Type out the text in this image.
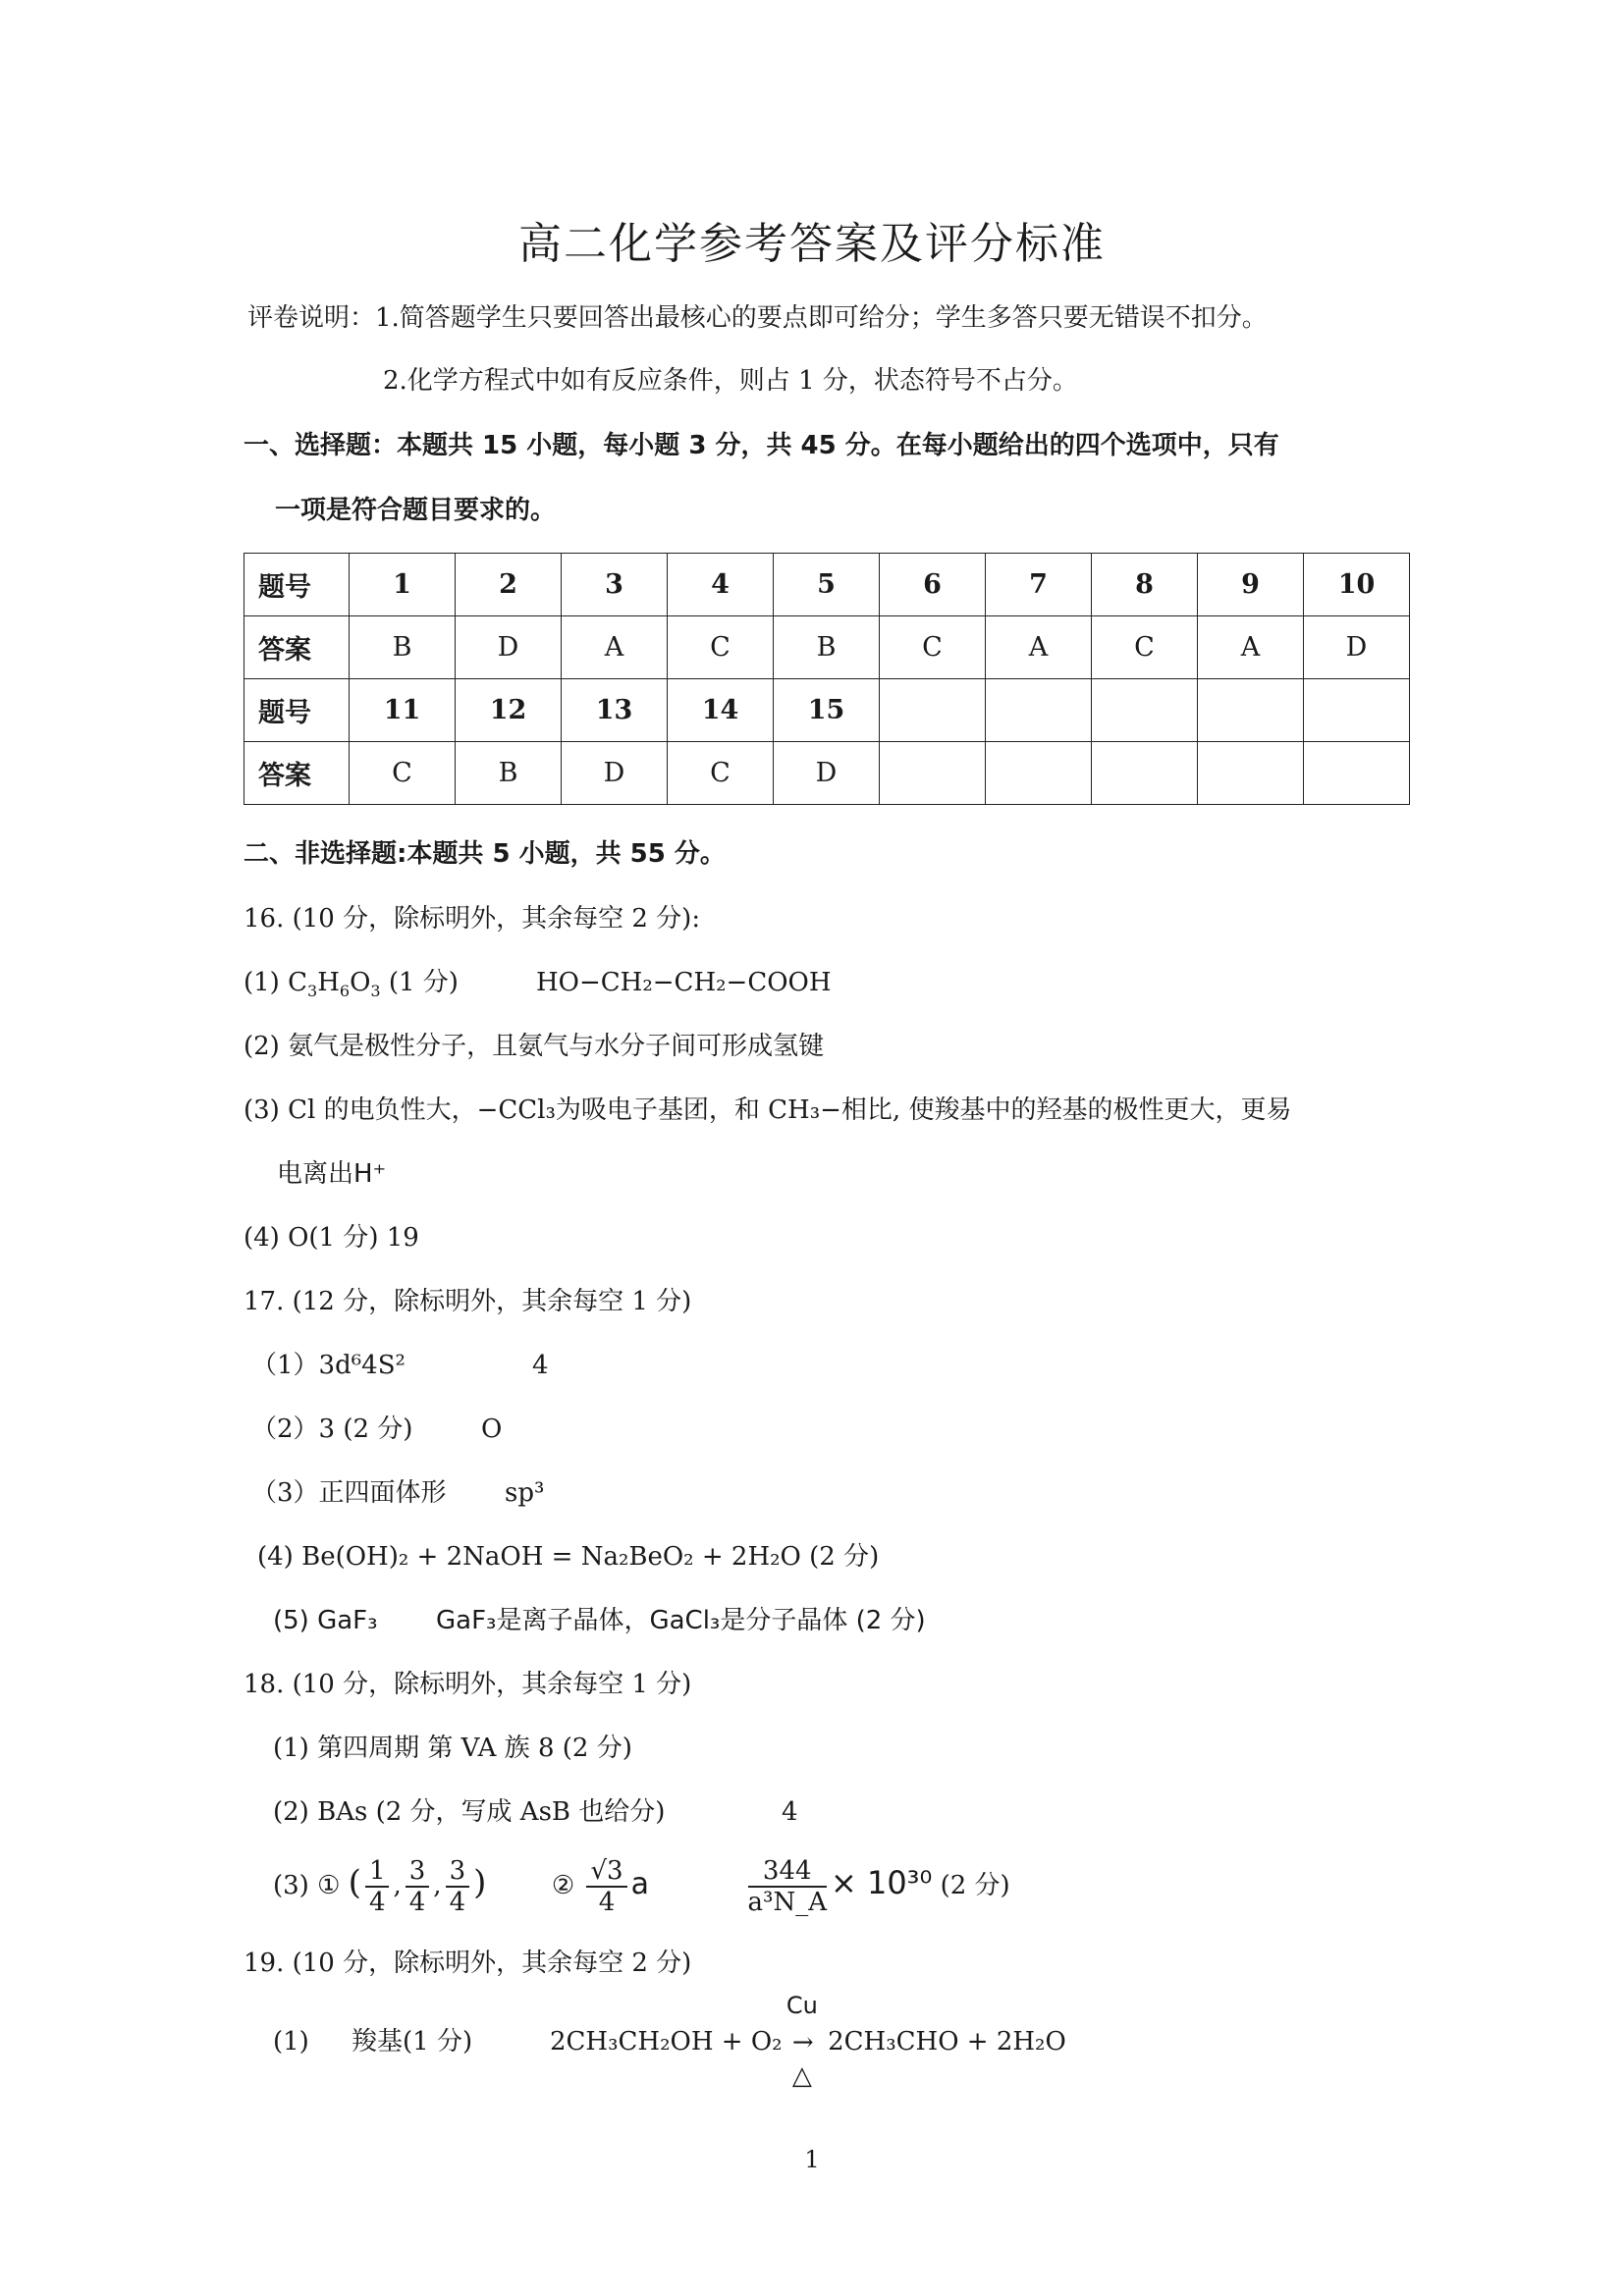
高二化学参考答案及评分标准
评卷说明：1.简答题学生只要回答出最核心的要点即可给分；学生多答只要无错误不扣分。
2.化学方程式中如有反应条件，则占 1 分，状态符号不占分。
一、选择题：本题共 15 小题，每小题 3 分，共 45 分。在每小题给出的四个选项中，只有
一项是符合题目要求的。
题号	1	2	3	4	5	6	7	8	9	10
答案	B	D	A	C	B	C	A	C	A	D
题号	11	12	13	14	15					
答案	C	B	D	C	D					
二、非选择题:本题共 5 小题，共 55 分。
16. (10 分，除标明外，其余每空 2 分):
(1) $C_3H_6O_3$ (1 分)	HO−CH₂−CH₂−COOH
(2) 氨气是极性分子，且氨气与水分子间可形成氢键
(3) Cl 的电负性大，−CCl₃为吸电子基团，和 CH₃−相比, 使羧基中的羟基的极性更大，更易
电离出H⁺
(4) O(1 分) 19
17. (12 分，除标明外，其余每空 1 分)
（1）3d⁶4S²	4
（2）3 (2 分)	O
（3）正四面体形 sp³
(4) Be(OH)₂ + 2NaOH = Na₂BeO₂ + 2H₂O (2 分)
(5) GaF₃ GaF₃是离子晶体，GaCl₃是分子晶体 (2 分)
18. (10 分，除标明外，其余每空 1 分)
(1) 第四周期 第 VA 族 8 (2 分)
(2) BAs (2 分，写成 AsB 也给分)	4
(3) ① ( $\frac{1}{4}$ , $\frac{3}{4}$ , $\frac{3}{4}$ )	② $\frac{√3}{4}$ a	$\frac{344}{\text{a³N\_A}} \times 10^{30}$ (2 分)
19. (10 分，除标明外，其余每空 2 分)
(1) 羧基(1 分)	2CH₃CH₂OH + O₂
Cu
→
△
2CH₃CHO + 2H₂O
1
